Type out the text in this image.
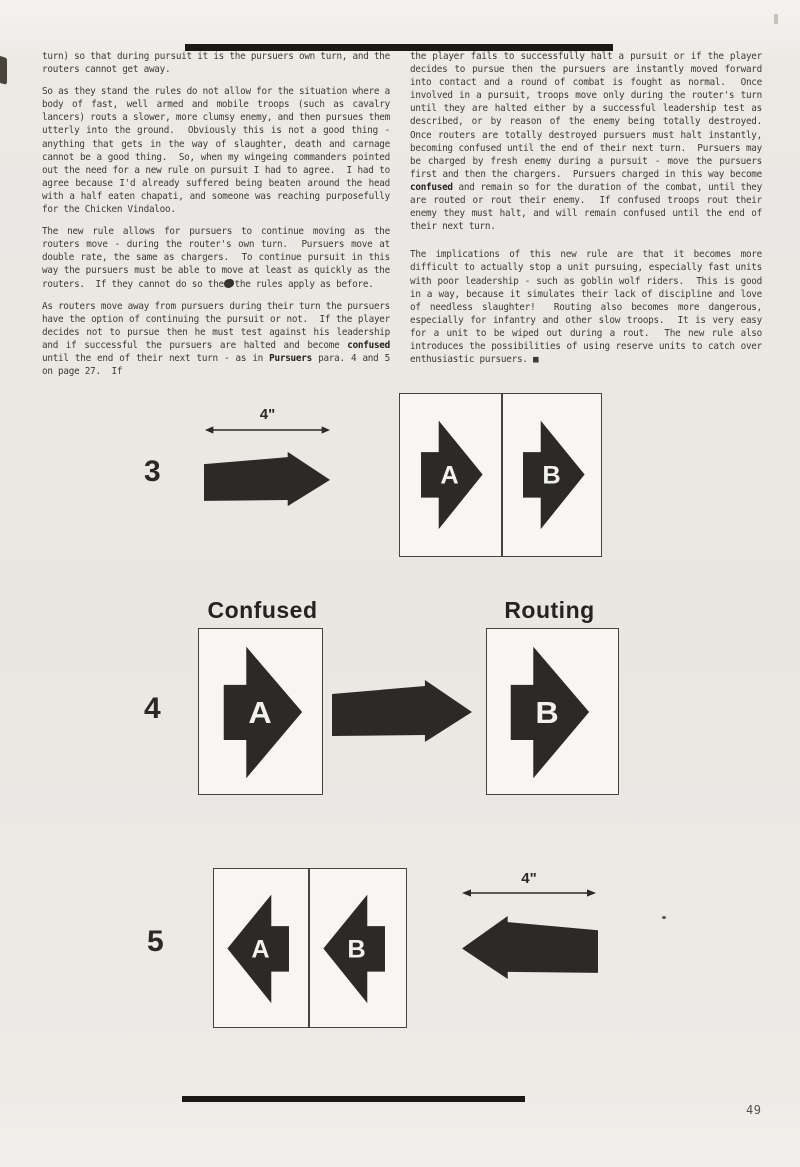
turn) so that during pursuit it is the pursuers own turn, and the routers cannot get away.

So as they stand the rules do not allow for the situation where a body of fast, well armed and mobile troops (such as cavalry lancers) routs a slower, more clumsy enemy, and then pursues them utterly into the ground.  Obviously this is not a good thing - anything that gets in the way of slaughter, death and carnage cannot be a good thing.  So, when my wingeing commanders pointed out the need for a new rule on pursuit I had to agree.  I had to agree because I'd already suffered being beaten around the head with a half eaten chapati, and someone was reaching purposefully for the Chicken Vindaloo.

The new rule allows for pursuers to continue moving as the routers move - during the router's own turn.  Pursuers move at double rate, the same as chargers.  To continue pursuit in this way the pursuers must be able to move at least as quickly as the routers.  If they cannot do so then the rules apply as before.

As routers move away from pursuers during their turn the pursuers have the option of continuing the pursuit or not.  If the player decides not to pursue then he must test against his leadership and if successful the pursuers are halted and become confused until the end of their next turn - as in Pursuers para. 4 and 5 on page 27.  If

the player fails to successfully halt a pursuit or if the player decides to pursue then the pursuers are instantly moved forward into contact and a round of combat is fought as normal.  Once involved in a pursuit, troops move only during the router's turn until they are halted either by a successful leadership test as described, or by reason of the enemy being totally destroyed.  Once routers are totally destroyed pursuers must halt instantly, becoming confused until the end of their next turn.  Pursuers may be charged by fresh enemy during a pursuit - move the pursuers first and then the chargers.  Pursuers charged in this way become confused and remain so for the duration of the combat, until they are routed or rout their enemy.  If confused troops rout their enemy they must halt, and will remain confused until the end of their next turn.

The implications of this new rule are that it becomes more difficult to actually stop a unit pursuing, especially fast units with poor leadership - such as goblin wolf riders.  This is good in a way, because it simulates their lack of discipline and love of needless slaughter!  Routing also becomes more dangerous, especially for infantry and other slow troops.  It is very easy for a unit to be wiped out during a rout.  The new rule also introduces the possibilities of using reserve units to catch over enthusiastic pursuers. ■

3
4"
A	B
Confused	Routing
4	A	B
5	A B
4"
49
